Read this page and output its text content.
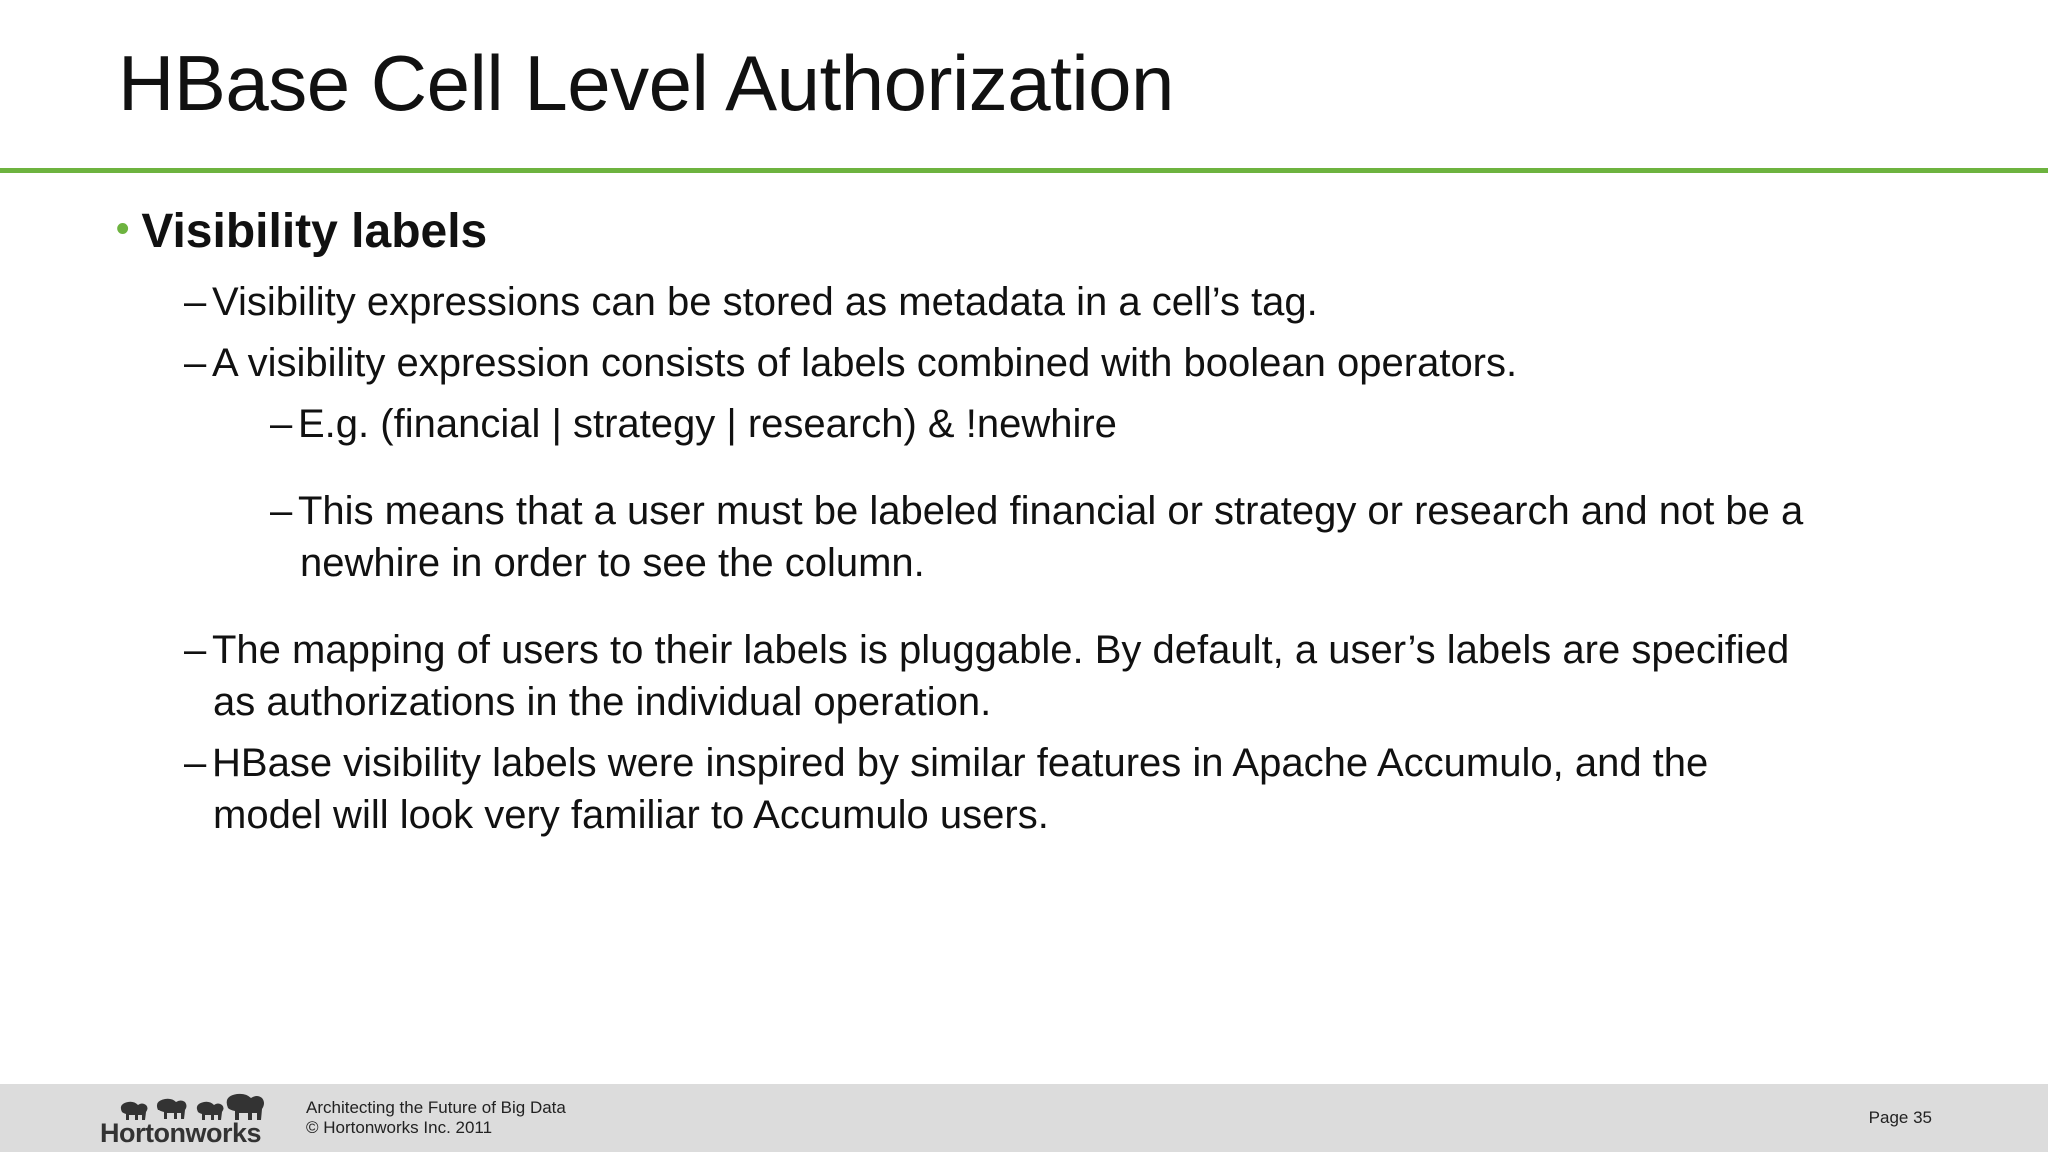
HBase Cell Level Authorization
• Visibility labels
– Visibility expressions can be stored as metadata in a cell’s tag.
– A visibility expression consists of labels combined with boolean operators.
– E.g. (financial | strategy | research) & !newhire
– This means that a user must be labeled financial or strategy or research and not be a
newhire in order to see the column.
– The mapping of users to their labels is pluggable. By default, a user’s labels are specified
as authorizations in the individual operation.
– HBase visibility labels were inspired by similar features in Apache Accumulo, and the
model will look very familiar to Accumulo users.
Hortonworks
Architecting the Future of Big Data
© Hortonworks Inc. 2011
Page 35
